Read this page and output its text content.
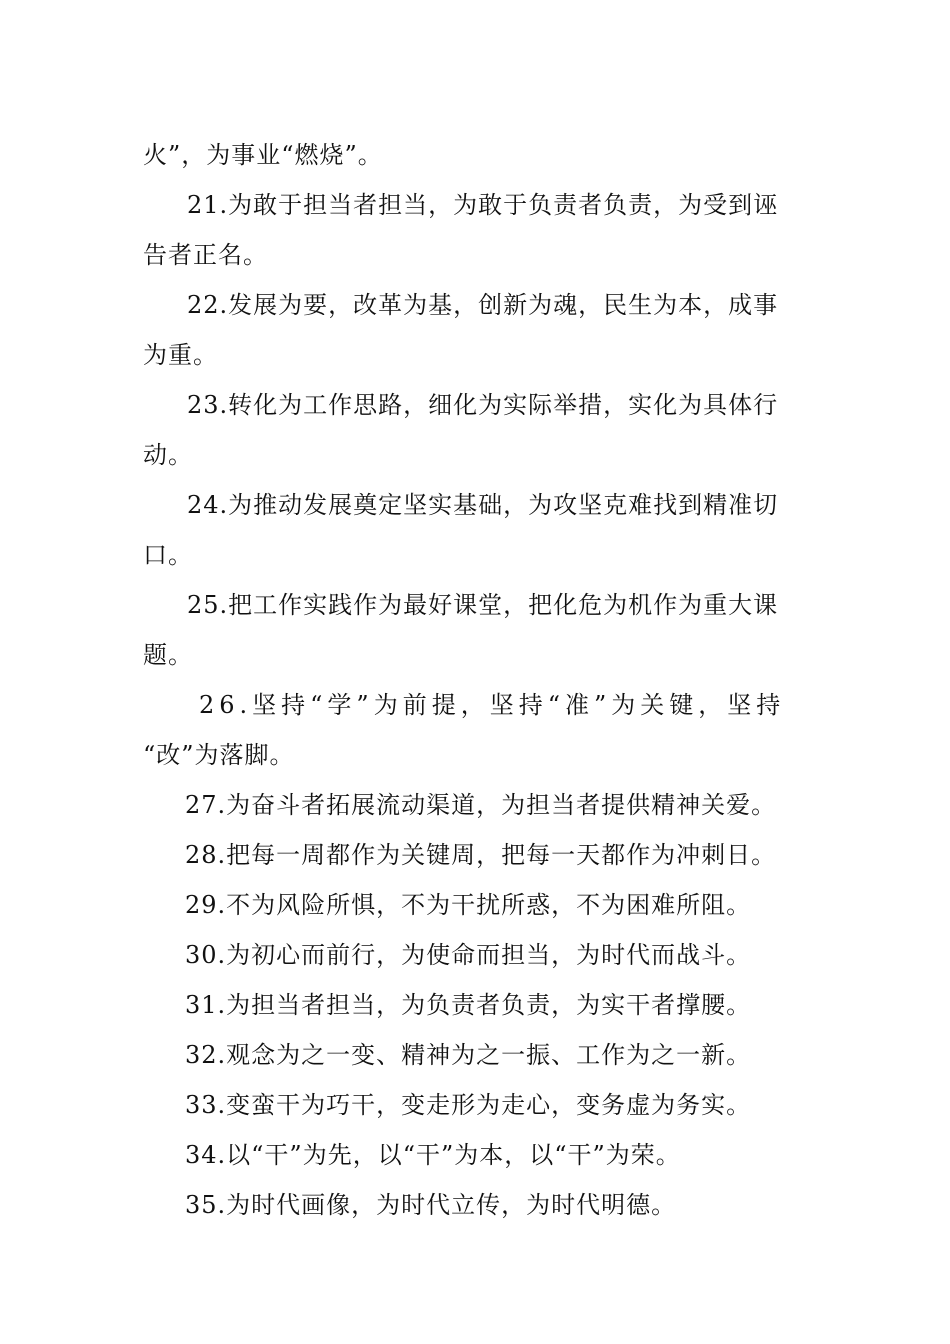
火”，为事业“燃烧”。
21.为敢于担当者担当，为敢于负责者负责，为受到诬
告者正名。
22.发展为要，改革为基，创新为魂，民生为本，成事
为重。
23.转化为工作思路，细化为实际举措，实化为具体行
动。
24.为推动发展奠定坚实基础，为攻坚克难找到精准切
口。
25.把工作实践作为最好课堂，把化危为机作为重大课
题。
26.坚持“学”为前提，坚持“准”为关键，坚持
“改”为落脚。
27.为奋斗者拓展流动渠道，为担当者提供精神关爱。
28.把每一周都作为关键周，把每一天都作为冲刺日。
29.不为风险所惧，不为干扰所惑，不为困难所阻。
30.为初心而前行，为使命而担当，为时代而战斗。
31.为担当者担当，为负责者负责，为实干者撑腰。
32.观念为之一变、精神为之一振、工作为之一新。
33.变蛮干为巧干，变走形为走心，变务虚为务实。
34.以“干”为先，以“干”为本，以“干”为荣。
35.为时代画像，为时代立传，为时代明德。
